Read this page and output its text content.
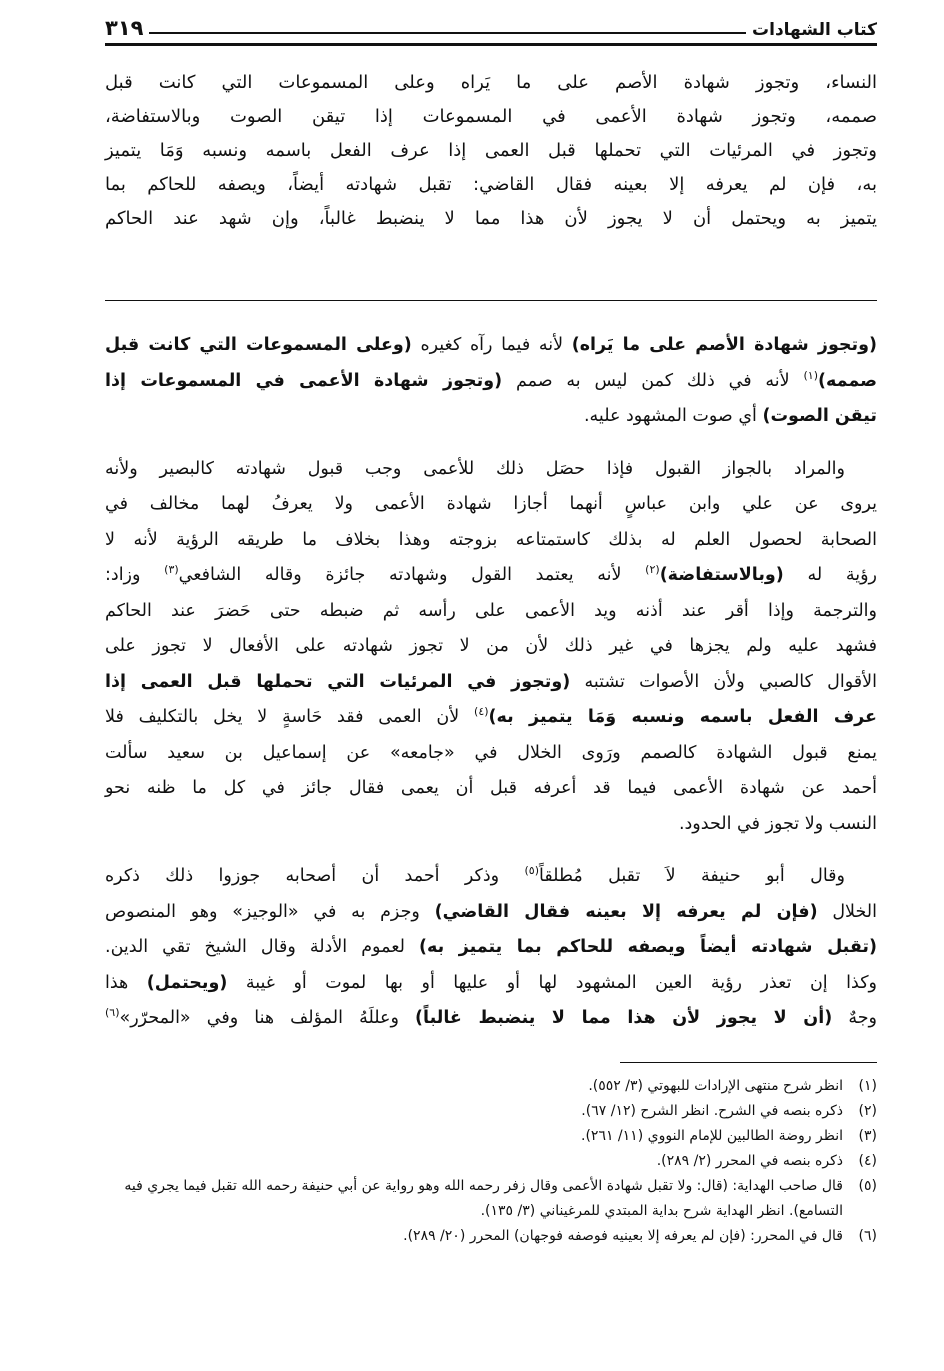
كتاب الشهادات
٣١٩
النساء، وتجوز شهادة الأصم على ما يَراه وعلى المسموعات التي كانت قبل
صممه، وتجوز شهادة الأعمى في المسموعات إذا تيقن الصوت وبالاستفاضة،
وتجوز في المرئيات التي تحملها قبل العمى إذا عرف الفعل باسمه ونسبه وَمَا يتميز
به، فإن لم يعرفه إلا بعينه فقال القاضي: تقبل شهادته أيضاً، ويصفه للحاكم بما
يتميز به ويحتمل أن لا يجوز لأن هذا مما لا ينضبط غالباً، وإن شهد عند الحاكم
(وتجوز شهادة الأصم على ما يَراه) لأنه فيما رآه كغيره (وعلى المسموعات التي كانت قبل
صممه)$^{(١)}$ لأنه في ذلك كمن ليس به صمم (وتجوز شهادة الأعمى في المسموعات إذا
تيقن الصوت) أي صوت المشهود عليه.
والمراد بالجواز القبول فإذا حصَل ذلك للأعمى وجب قبول شهادته كالبصير ولأنه
يروى عن علي وابن عباسٍ أنهما أجازا شهادة الأعمى ولا يعرفُ لهما مخالف في
الصحابة لحصول العلم له بذلك كاستمتاعه بزوجته وهذا بخلاف ما طريقه الرؤية لأنه لا
رؤية له (وبالاستفاضة)$^{(٢)}$ لأنه يعتمد القول وشهادته جائزة وقاله الشافعي$^{(٣)}$ وزاد:
والترجمة وإذا أقر عند أذنه ويد الأعمى على رأسه ثم ضبطه حتى حَضرَ عند الحاكم
فشهد عليه ولم يجزها في غير ذلك لأن من لا تجوز شهادته على الأفعال لا تجوز على
الأقوال كالصبي ولأن الأصوات تشتبه (وتجوز في المرئيات التي تحملها قبل العمى إذا
عرف الفعل باسمه ونسبه وَمَا يتميز به)$^{(٤)}$ لأن العمى فقد حَاسةٍ لا يخل بالتكليف فلا
يمنع قبول الشهادة كالصمم ورَوى الخلال في «جامعه» عن إسماعيل بن سعيد سألت
أحمد عن شهادة الأعمى فيما قد أعرفه قبل أن يعمى فقال جائز في كل ما ظنه نحو
النسب ولا تجوز في الحدود.
وقال أبو حنيفة لاَ تقبل مُطلقاً$^{(٥)}$ وذكر أحمد أن أصحابه جوزوا ذلك ذكره
الخلال (فإن لم يعرفه إلا بعينه فقال القاضي) وجزم به في «الوجيز» وهو المنصوص
(تقبل شهادته أيضاً ويصفه للحاكم بما يتميز به) لعموم الأدلة وقال الشيخ تقي الدين.
وكذا إن تعذر رؤية العين المشهود لها أو عليها أو بها لموت أو غيبة (ويحتمل) هذا
وجهٌ (أن لا يجوز لأن هذا مما لا ينضبط غالباً) وعللَهُ المؤلف هنا وفي «المحرّر»$^{(٦)}$
(١)
انظر شرح منتهى الإرادات للبهوتي (٣/ ٥٥٢).
(٢)
ذكره بنصه في الشرح. انظر الشرح (١٢/ ٦٧).
(٣)
انظر روضة الطالبين للإمام النووي (١١/ ٢٦١).
(٤)
ذكره بنصه في المحرر (٢/ ٢٨٩).
(٥)
قال صاحب الهداية: (قال: ولا تقبل شهادة الأعمى وقال زفر رحمه الله وهو رواية عن أبي حنيفة رحمه الله تقبل فيما يجري فيه التسامع). انظر الهداية شرح بداية المبتدي للمرغيناني (٣/ ١٣٥).
(٦)
قال في المحرر: (فإن لم يعرفه إلا بعينيه فوصفه فوجهان) المحرر (٢٠/ ٢٨٩).
